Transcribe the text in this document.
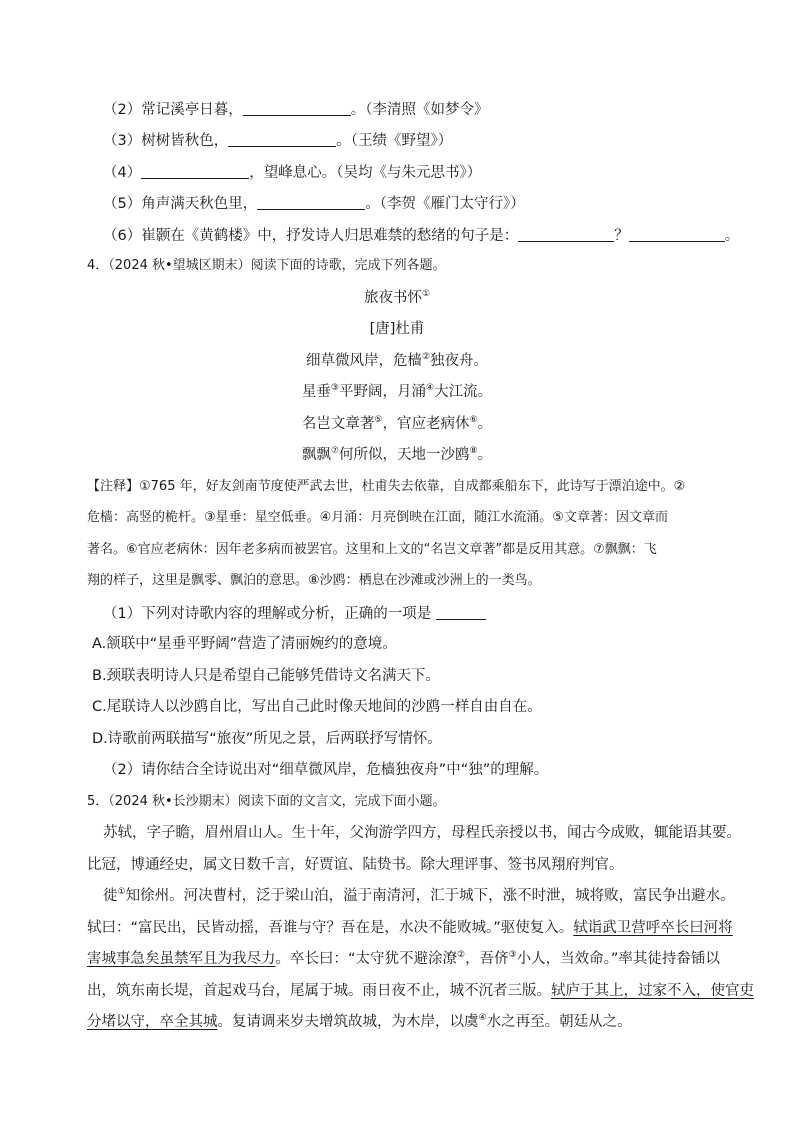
（2）常记溪亭日暮，	。（李清照《如梦令》
（3）树树皆秋色，	。（王绩《野望》）
（4）	，望峰息心。（吴均《与朱元思书》）
（5）角声满天秋色里，	。（李贺《雁门太守行》）
（6）崔颢在《黄鹤楼》中，抒发诗人归思难禁的愁绪的句子是：	？	。
4．（2024 秋•望城区期末）阅读下面的诗歌，完成下列各题。
旅夜书怀①
[唐]杜甫
细草微风岸，危樯②独夜舟。
星垂③平野阔，月涌④大江流。
名岂文章著⑤，官应老病休⑥。
飘飘⑦何所似，天地一沙鸥⑧。
【注释】①765 年，好友剑南节度使严武去世，杜甫失去依靠，自成都乘船东下，此诗写于漂泊途中。②
危樯：高竖的桅杆。③星垂：星空低垂。④月涌：月亮倒映在江面，随江水流涌。⑤文章著：因文章而
著名。⑥官应老病休：因年老多病而被罢官。这里和上文的“名岂文章著”都是反用其意。⑦飘飘：飞
翔的样子，这里是飘零、飘泊的意思。⑧沙鸥：栖息在沙滩或沙洲上的一类鸟。
（1）下列对诗歌内容的理解或分析，正确的一项是
A.颔联中“星垂平野阔”营造了清丽婉约的意境。
B.颈联表明诗人只是希望自己能够凭借诗文名满天下。
C.尾联诗人以沙鸥自比，写出自己此时像天地间的沙鸥一样自由自在。
D.诗歌前两联描写“旅夜”所见之景，后两联抒写情怀。
（2）请你结合全诗说出对“细草微风岸，危樯独夜舟”中“独”的理解。
5．（2024 秋•长沙期末）阅读下面的文言文，完成下面小题。
苏轼，字子瞻，眉州眉山人。生十年，父洵游学四方，母程氏亲授以书，闻古今成败，辄能语其要。
比冠，博通经史，属文日数千言，好贾谊、陆贽书。除大理评事、签书凤翔府判官。
徙①知徐州。河决曹村，泛于梁山泊，溢于南清河，汇于城下，涨不时泄，城将败，富民争出避水。
轼曰：“富民出，民皆动摇，吾谁与守？吾在是，水决不能败城。”驱使复入。轼诣武卫营呼卒长曰河将
害城事急矣虽禁军且为我尽力。卒长曰：“太守犹不避涂潦②，吾侪③小人，当效命。”率其徒持畚锸以
出，筑东南长堤，首起戏马台，尾属于城。雨日夜不止，城不沉者三版。轼庐于其上，过家不入，使官吏
分堵以守，卒全其城。复请调来岁夫增筑故城，为木岸，以虞④水之再至。朝廷从之。
